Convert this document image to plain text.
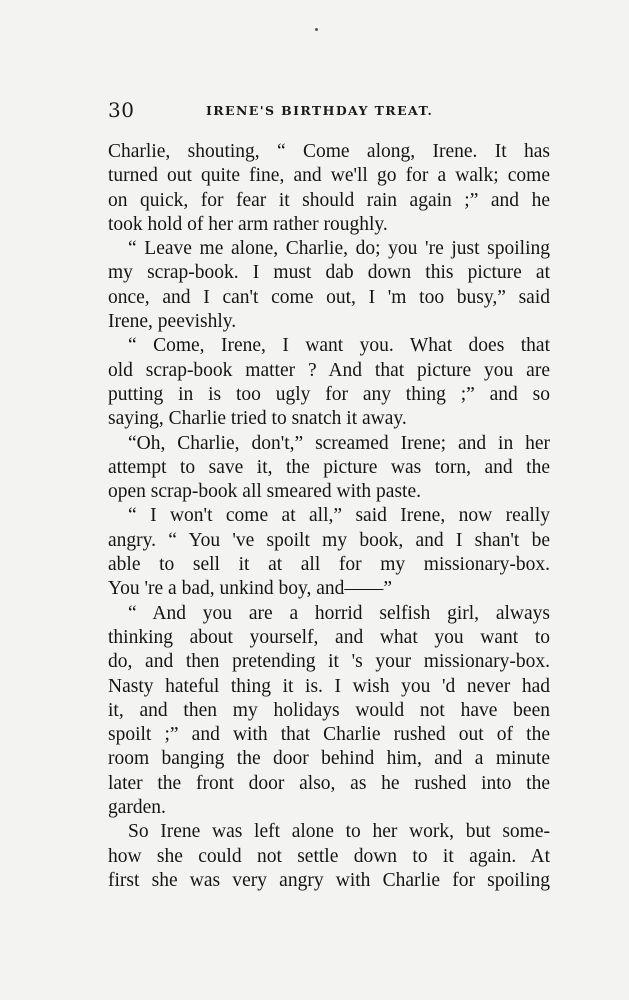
30	IRENE'S BIRTHDAY TREAT.
Charlie, shouting, “ Come along, Irene. It has
turned out quite fine, and we'll go for a walk; come
on quick, for fear it should rain again ;” and he
took hold of her arm rather roughly.
“ Leave me alone, Charlie, do; you 're just spoiling
my scrap-book. I must dab down this picture at
once, and I can't come out, I 'm too busy,” said
Irene, peevishly.
“ Come, Irene, I want you. What does that
old scrap-book matter ? And that picture you are
putting in is too ugly for any thing ;” and so
saying, Charlie tried to snatch it away.
“Oh, Charlie, don't,” screamed Irene; and in her
attempt to save it, the picture was torn, and the
open scrap-book all smeared with paste.
“ I won't come at all,” said Irene, now really
angry. “ You 've spoilt my book, and I shan't be
able to sell it at all for my missionary-box.
You 're a bad, unkind boy, and——”
“ And you are a horrid selfish girl, always
thinking about yourself, and what you want to
do, and then pretending it 's your missionary-box.
Nasty hateful thing it is. I wish you 'd never had
it, and then my holidays would not have been
spoilt ;” and with that Charlie rushed out of the
room banging the door behind him, and a minute
later the front door also, as he rushed into the
garden.
So Irene was left alone to her work, but some-
how she could not settle down to it again. At
first she was very angry with Charlie for spoiling
